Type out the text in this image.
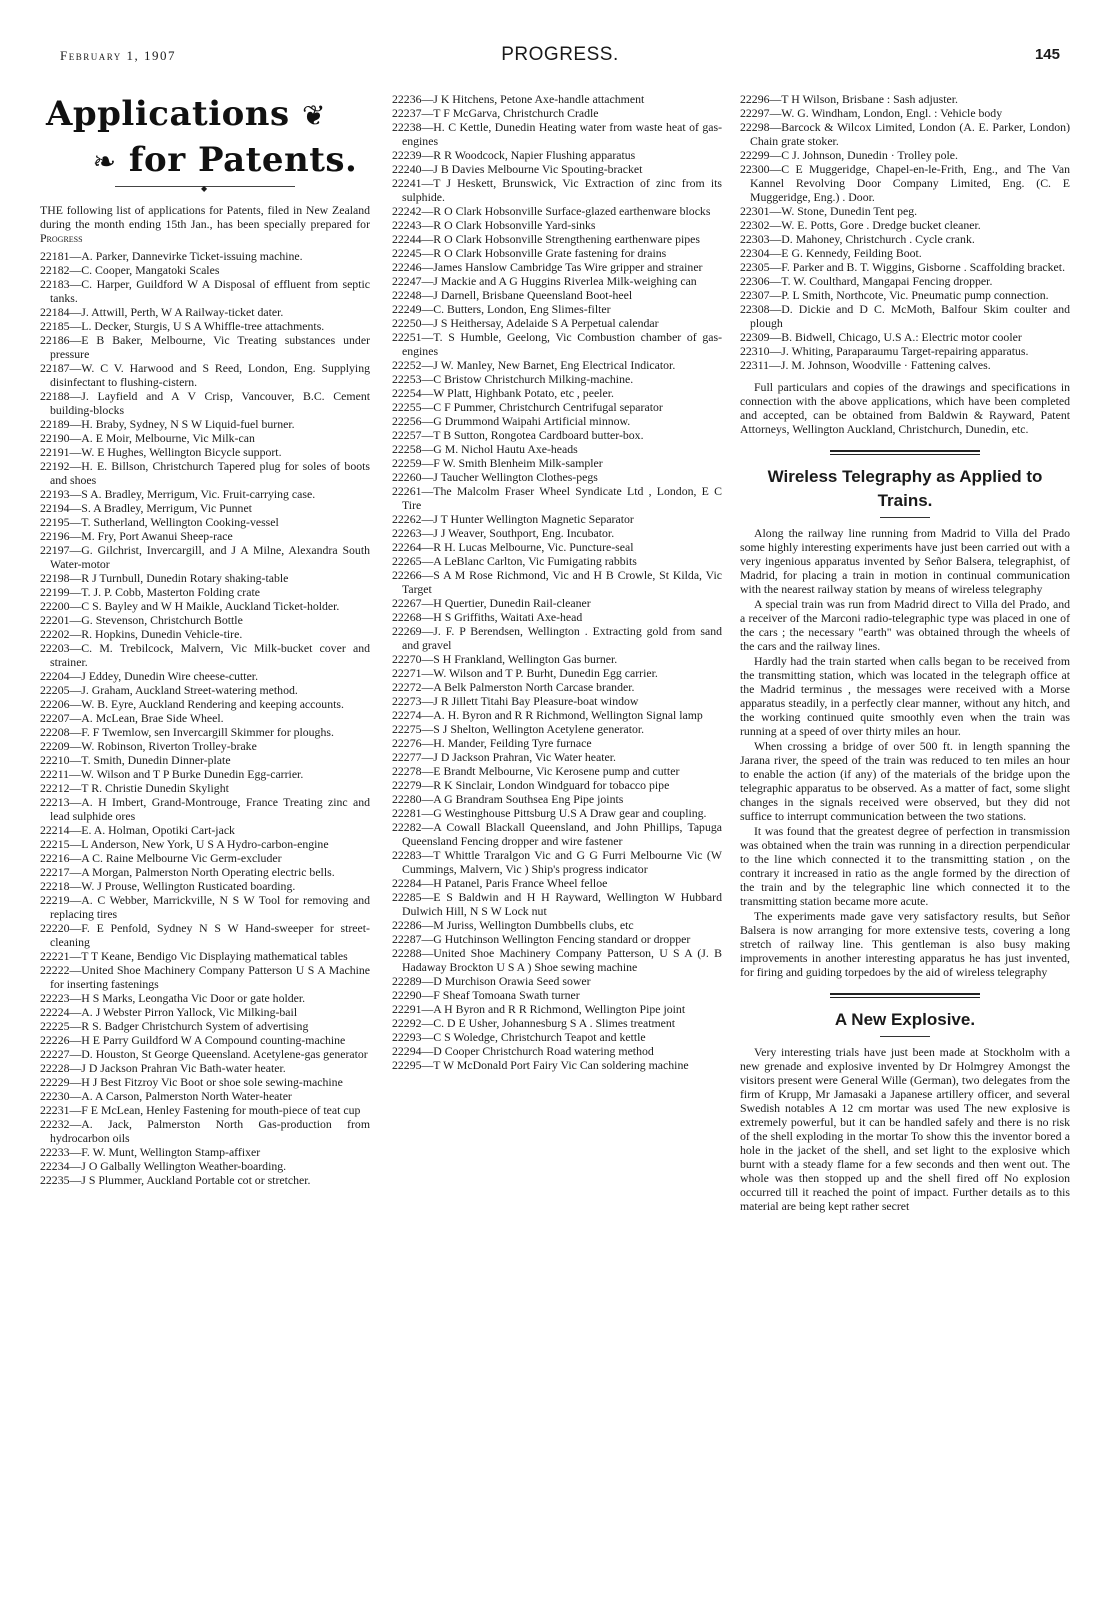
February 1, 1907	PROGRESS.	145
Applications ❦
❧ for Patents.
◆
THE following list of applications for Patents, filed in New Zealand during the month ending 15th Jan., has been specially prepared for Progress

22181—A. Parker, Dannevirke Ticket-issuing machine.

22182—C. Cooper, Mangatoki Scales

22183—C. Harper, Guildford W A Disposal of effluent from septic tanks.

22184—J. Attwill, Perth, W A Railway-ticket dater.

22185—L. Decker, Sturgis, U S A Whiffle-tree attachments.

22186—E B Baker, Melbourne, Vic Treating substances under pressure

22187—W. C V. Harwood and S Reed, London, Eng. Supplying disinfectant to flushing-cistern.

22188—J. Layfield and A V Crisp, Vancouver, B.C. Cement building-blocks

22189—H. Braby, Sydney, N S W Liquid-fuel burner.

22190—A. E Moir, Melbourne, Vic Milk-can

22191—W. E Hughes, Wellington Bicycle support.

22192—H. E. Billson, Christchurch Tapered plug for soles of boots and shoes

22193—S A. Bradley, Merrigum, Vic. Fruit-carrying case.

22194—S. A Bradley, Merrigum, Vic Punnet

22195—T. Sutherland, Wellington Cooking-vessel

22196—M. Fry, Port Awanui Sheep-race

22197—G. Gilchrist, Invercargill, and J A Milne, Alexandra South Water-motor

22198—R J Turnbull, Dunedin Rotary shaking-table

22199—T. J. P. Cobb, Masterton Folding crate

22200—C S. Bayley and W H Maikle, Auckland Ticket-holder.

22201—G. Stevenson, Christchurch Bottle

22202—R. Hopkins, Dunedin Vehicle-tire.

22203—C. M. Trebilcock, Malvern, Vic Milk-bucket cover and strainer.

22204—J Eddey, Dunedin Wire cheese-cutter.

22205—J. Graham, Auckland Street-watering method.

22206—W. B. Eyre, Auckland Rendering and keeping accounts.

22207—A. McLean, Brae Side Wheel.

22208—F. F Twemlow, sen Invercargill Skimmer for ploughs.

22209—W. Robinson, Riverton Trolley-brake

22210—T. Smith, Dunedin Dinner-plate

22211—W. Wilson and T P Burke Dunedin Egg-carrier.

22212—T R. Christie Dunedin Skylight

22213—A. H Imbert, Grand-Montrouge, France Treating zinc and lead sulphide ores

22214—E. A. Holman, Opotiki Cart-jack

22215—L Anderson, New York, U S A Hydro-carbon-engine

22216—A C. Raine Melbourne Vic Germ-excluder

22217—A Morgan, Palmerston North Operating electric bells.

22218—W. J Prouse, Wellington Rusticated boarding.

22219—A. C Webber, Marrickville, N S W Tool for removing and replacing tires

22220—F. E Penfold, Sydney N S W Hand-sweeper for street-cleaning

22221—T T Keane, Bendigo Vic Displaying mathematical tables

22222—United Shoe Machinery Company Patterson U S A Machine for inserting fastenings

22223—H S Marks, Leongatha Vic Door or gate holder.

22224—A. J Webster Pirron Yallock, Vic Milking-bail

22225—R S. Badger Christchurch System of advertising

22226—H E Parry Guildford W A Compound counting-machine

22227—D. Houston, St George Queensland. Acetylene-gas generator

22228—J D Jackson Prahran Vic Bath-water heater.

22229—H J Best Fitzroy Vic Boot or shoe sole sewing-machine

22230—A. A Carson, Palmerston North Water-heater

22231—F E McLean, Henley Fastening for mouth-piece of teat cup

22232—A. Jack, Palmerston North Gas-production from hydrocarbon oils

22233—F. W. Munt, Wellington Stamp-affixer

22234—J O Galbally Wellington Weather-boarding.

22235—J S Plummer, Auckland Portable cot or stretcher.

22236—J K Hitchens, Petone Axe-handle attachment

22237—T F McGarva, Christchurch Cradle

22238—H. C Kettle, Dunedin Heating water from waste heat of gas-engines

22239—R R Woodcock, Napier Flushing apparatus

22240—J B Davies Melbourne Vic Spouting-bracket

22241—T J Heskett, Brunswick, Vic Extraction of zinc from its sulphide.

22242—R O Clark Hobsonville Surface-glazed earthenware blocks

22243—R O Clark Hobsonville Yard-sinks

22244—R O Clark Hobsonville Strengthening earthenware pipes

22245—R O Clark Hobsonville Grate fastening for drains

22246—James Hanslow Cambridge Tas Wire gripper and strainer

22247—J Mackie and A G Huggins Riverlea Milk-weighing can

22248—J Darnell, Brisbane Queensland Boot-heel

22249—C. Butters, London, Eng Slimes-filter

22250—J S Heithersay, Adelaide S A Perpetual calendar

22251—T. S Humble, Geelong, Vic Combustion chamber of gas-engines

22252—J W. Manley, New Barnet, Eng Electrical Indicator.

22253—C Bristow Christchurch Milking-machine.

22254—W Platt, Highbank Potato, etc , peeler.

22255—C F Pummer, Christchurch Centrifugal separator

22256—G Drummond Waipahi Artificial minnow.

22257—T B Sutton, Rongotea Cardboard butter-box.

22258—G M. Nichol Hautu Axe-heads

22259—F W. Smith Blenheim Milk-sampler

22260—J Taucher Wellington Clothes-pegs

22261—The Malcolm Fraser Wheel Syndicate Ltd , London, E C Tire

22262—J T Hunter Wellington Magnetic Separator

22263—J J Weaver, Southport, Eng. Incubator.

22264—R H. Lucas Melbourne, Vic. Puncture-seal

22265—A LeBlanc Carlton, Vic Fumigating rabbits

22266—S A M Rose Richmond, Vic and H B Crowle, St Kilda, Vic Target

22267—H Quertier, Dunedin Rail-cleaner

22268—H S Griffiths, Waitati Axe-head

22269—J. F. P Berendsen, Wellington . Extracting gold from sand and gravel

22270—S H Frankland, Wellington Gas burner.

22271—W. Wilson and T P. Burht, Dunedin Egg carrier.

22272—A Belk Palmerston North Carcase brander.

22273—J R Jillett Titahi Bay Pleasure-boat window

22274—A. H. Byron and R R Richmond, Wellington Signal lamp

22275—S J Shelton, Wellington Acetylene generator.

22276—H. Mander, Feilding Tyre furnace

22277—J D Jackson Prahran, Vic Water heater.

22278—E Brandt Melbourne, Vic Kerosene pump and cutter

22279—R K Sinclair, London Windguard for tobacco pipe

22280—A G Brandram Southsea Eng Pipe joints

22281—G Westinghouse Pittsburg U.S A Draw gear and coupling.

22282—A Cowall Blackall Queensland, and John Phillips, Tapuga Queensland Fencing dropper and wire fastener

22283—T Whittle Traralgon Vic and G G Furri Melbourne Vic (W Cummings, Malvern, Vic ) Ship's progress indicator

22284—H Patanel, Paris France Wheel felloe

22285—E S Baldwin and H H Rayward, Wellington W Hubbard Dulwich Hill, N S W Lock nut

22286—M Juriss, Wellington Dumbbells clubs, etc

22287—G Hutchinson Wellington Fencing standard or dropper

22288—United Shoe Machinery Company Patterson, U S A (J. B Hadaway Brockton U S A ) Shoe sewing machine

22289—D Murchison Orawia Seed sower

22290—F Sheaf Tomoana Swath turner

22291—A H Byron and R R Richmond, Wellington Pipe joint

22292—C. D E Usher, Johannesburg S A . Slimes treatment

22293—C S Woledge, Christchurch Teapot and kettle

22294—D Cooper Christchurch Road watering method

22295—T W McDonald Port Fairy Vic Can soldering machine

22296—T H Wilson, Brisbane : Sash adjuster.

22297—W. G. Windham, London, Engl. : Vehicle body

22298—Barcock & Wilcox Limited, London (A. E. Parker, London) Chain grate stoker.

22299—C J. Johnson, Dunedin · Trolley pole.

22300—C E Muggeridge, Chapel-en-le-Frith, Eng., and The Van Kannel Revolving Door Company Limited, Eng. (C. E Muggeridge, Eng.) . Door.

22301—W. Stone, Dunedin Tent peg.

22302—W. E. Potts, Gore . Dredge bucket cleaner.

22303—D. Mahoney, Christchurch . Cycle crank.

22304—E G. Kennedy, Feilding Boot.

22305—F. Parker and B. T. Wiggins, Gisborne . Scaffolding bracket.

22306—T. W. Coulthard, Mangapai Fencing dropper.

22307—P. L Smith, Northcote, Vic. Pneumatic pump connection.

22308—D. Dickie and D C. McMoth, Balfour Skim coulter and plough

22309—B. Bidwell, Chicago, U.S A.: Electric motor cooler

22310—J. Whiting, Paraparaumu Target-repairing apparatus.

22311—J. M. Johnson, Woodville · Fattening calves.

Full particulars and copies of the drawings and specifications in connection with the above applications, which have been completed and accepted, can be obtained from Baldwin & Rayward, Patent Attorneys, Wellington Auckland, Christchurch, Dunedin, etc.

Wireless Telegraphy as Applied to Trains.

Along the railway line running from Madrid to Villa del Prado some highly interesting experiments have just been carried out with a very ingenious apparatus invented by Señor Balsera, telegraphist, of Madrid, for placing a train in motion in continual communication with the nearest railway station by means of wireless telegraphy

A special train was run from Madrid direct to Villa del Prado, and a receiver of the Marconi radio-telegraphic type was placed in one of the cars ; the necessary "earth" was obtained through the wheels of the cars and the railway lines.

Hardly had the train started when calls began to be received from the transmitting station, which was located in the telegraph office at the Madrid terminus , the messages were received with a Morse apparatus steadily, in a perfectly clear manner, without any hitch, and the working continued quite smoothly even when the train was running at a speed of over thirty miles an hour.

When crossing a bridge of over 500 ft. in length spanning the Jarana river, the speed of the train was reduced to ten miles an hour to enable the action (if any) of the materials of the bridge upon the telegraphic apparatus to be observed. As a matter of fact, some slight changes in the signals received were observed, but they did not suffice to interrupt communication between the two stations.

It was found that the greatest degree of perfection in transmission was obtained when the train was running in a direction perpendicular to the line which connected it to the transmitting station , on the contrary it increased in ratio as the angle formed by the direction of the train and by the telegraphic line which connected it to the transmitting station became more acute.

The experiments made gave very satisfactory results, but Señor Balsera is now arranging for more extensive tests, covering a long stretch of railway line. This gentleman is also busy making improvements in another interesting apparatus he has just invented, for firing and guiding torpedoes by the aid of wireless telegraphy

A New Explosive.

Very interesting trials have just been made at Stockholm with a new grenade and explosive invented by Dr Holmgrey Amongst the visitors present were General Wille (German), two delegates from the firm of Krupp, Mr Jamasaki a Japanese artillery officer, and several Swedish notables A 12 cm mortar was used The new explosive is extremely powerful, but it can be handled safely and there is no risk of the shell exploding in the mortar To show this the inventor bored a hole in the jacket of the shell, and set light to the explosive which burnt with a steady flame for a few seconds and then went out. The whole was then stopped up and the shell fired off No explosion occurred till it reached the point of impact. Further details as to this material are being kept rather secret
